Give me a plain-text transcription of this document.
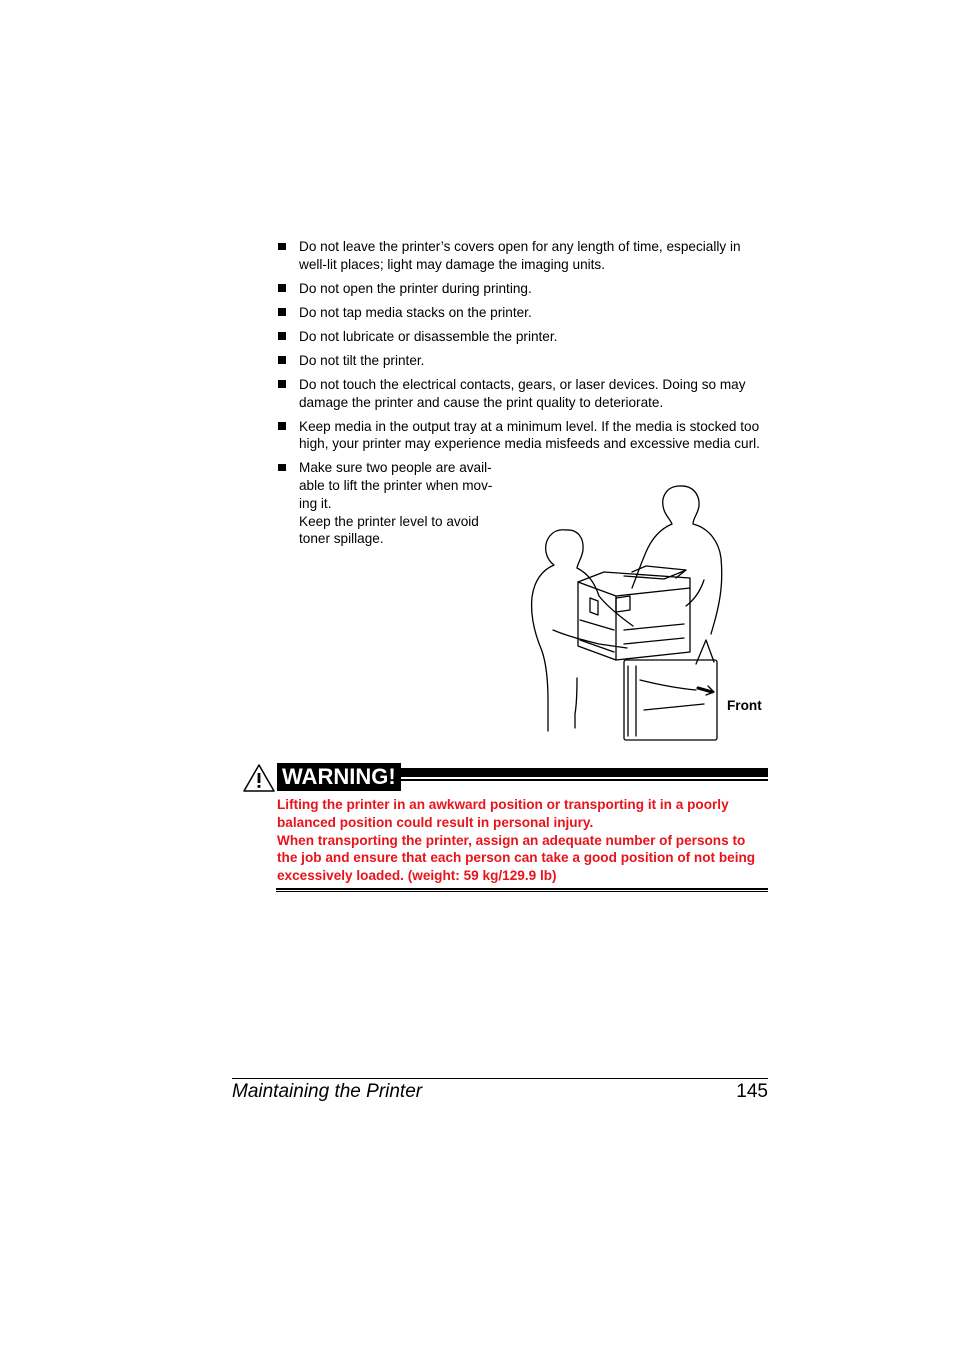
Do not leave the printer’s covers open for any length of time, especially in well-lit places; light may damage the imaging units.
Do not open the printer during printing.
Do not tap media stacks on the printer.
Do not lubricate or disassemble the printer.
Do not tilt the printer.
Do not touch the electrical contacts, gears, or laser devices. Doing so may damage the printer and cause the print quality to deteriorate.
Keep media in the output tray at a minimum level. If the media is stocked too high, your printer may experience media misfeeds and excessive media curl.
Make sure two people are avail-able to lift the printer when mov-ing it.
Keep the printer level to avoid toner spillage.
Front
WARNING!

Lifting the printer in an awkward position or transporting it in a poorly balanced position could result in personal injury.

When transporting the printer, assign an adequate number of persons to the job and ensure that each person can take a good position of not being excessively loaded. (weight: 59 kg/129.9 lb)

Maintaining the Printer	145
